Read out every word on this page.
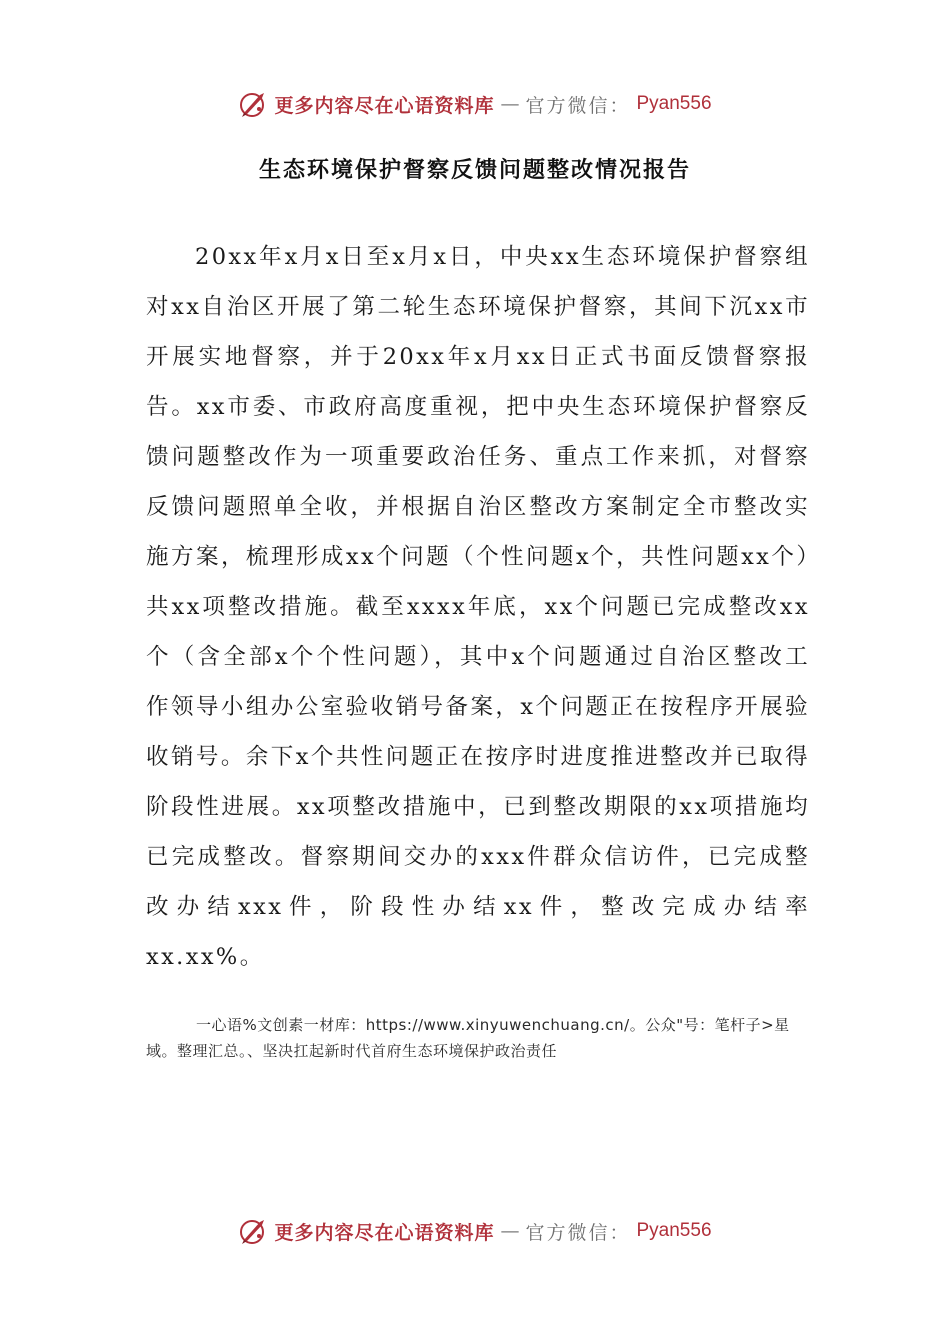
更多内容尽在心语资料库 — 官方微信： Pyan556
生态环境保护督察反馈问题整改情况报告

20xx年x月x日至x月x日，中央xx生态环境保护督察组对xx自治区开展了第二轮生态环境保护督察，其间下沉xx市开展实地督察，并于20xx年x月xx日正式书面反馈督察报告。xx市委、市政府高度重视，把中央生态环境保护督察反馈问题整改作为一项重要政治任务、重点工作来抓，对督察反馈问题照单全收，并根据自治区整改方案制定全市整改实施方案，梳理形成xx个问题（个性问题x个，共性问题xx个）共xx项整改措施。截至xxxx年底，xx个问题已完成整改xx个（含全部x个个性问题），其中x个问题通过自治区整改工作领导小组办公室验收销号备案，x个问题正在按程序开展验收销号。余下x个共性问题正在按序时进度推进整改并已取得阶段性进展。xx项整改措施中，已到整改期限的xx项措施均已完成整改。督察期间交办的xxx件群众信访件，已完成整改办结xxx件，阶段性办结xx件，整改完成办结率xx.xx%。

一心语%文创素一材库：https://www.xinyuwenchuang.cn/。公众"号：笔杆子>星域。整理汇总。、坚决扛起新时代首府生态环境保护政治责任

更多内容尽在心语资料库 — 官方微信： Pyan556
